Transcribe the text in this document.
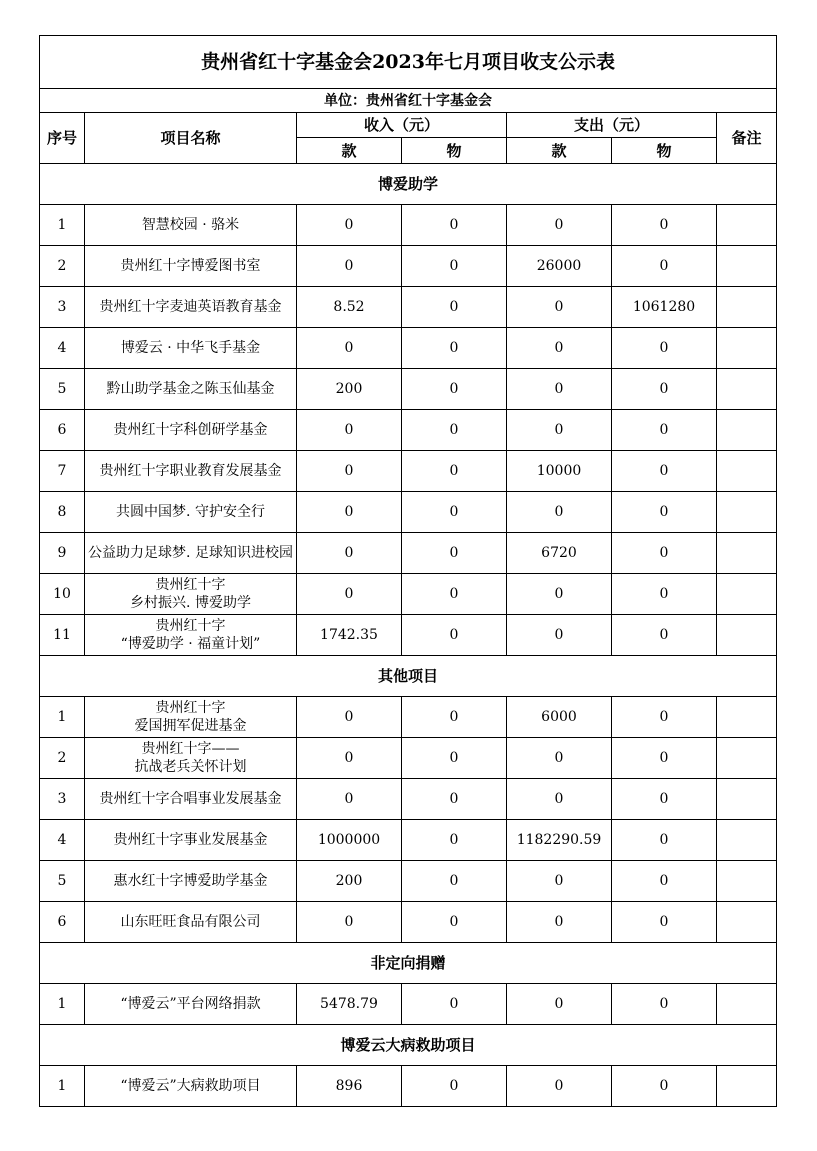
贵州省红十字基金会2023年七月项目收支公示表						
单位：贵州省红十字基金会						
序号	项目名称	收入（元）		支出（元）		备注
		款	物	款	物	
博爱助学						
1	智慧校园 · 骆米	0	0	0	0	
2	贵州红十字博爱图书室	0	0	26000	0	
3	贵州红十字麦迪英语教育基金	8.52	0	0	1061280	
4	博爱云 · 中华飞手基金	0	0	0	0	
5	黔山助学基金之陈玉仙基金	200	0	0	0	
6	贵州红十字科创研学基金	0	0	0	0	
7	贵州红十字职业教育发展基金	0	0	10000	0	
8	共圆中国梦. 守护安全行	0	0	0	0	
9	公益助力足球梦. 足球知识进校园	0	0	6720	0	
10	贵州红十字
乡村振兴. 博爱助学	0	0	0	0	
11	贵州红十字
“博爱助学 · 福童计划”	1742.35	0	0	0	
其他项目						
1	贵州红十字
爱国拥军促进基金	0	0	6000	0	
2	贵州红十字——
抗战老兵关怀计划	0	0	0	0	
3	贵州红十字合唱事业发展基金	0	0	0	0	
4	贵州红十字事业发展基金	1000000	0	1182290.59	0	
5	惠水红十字博爱助学基金	200	0	0	0	
6	山东旺旺食品有限公司	0	0	0	0	
非定向捐赠						
1	“博爱云”平台网络捐款	5478.79	0	0	0	
博爱云大病救助项目						
1	“博爱云”大病救助项目	896	0	0	0	
